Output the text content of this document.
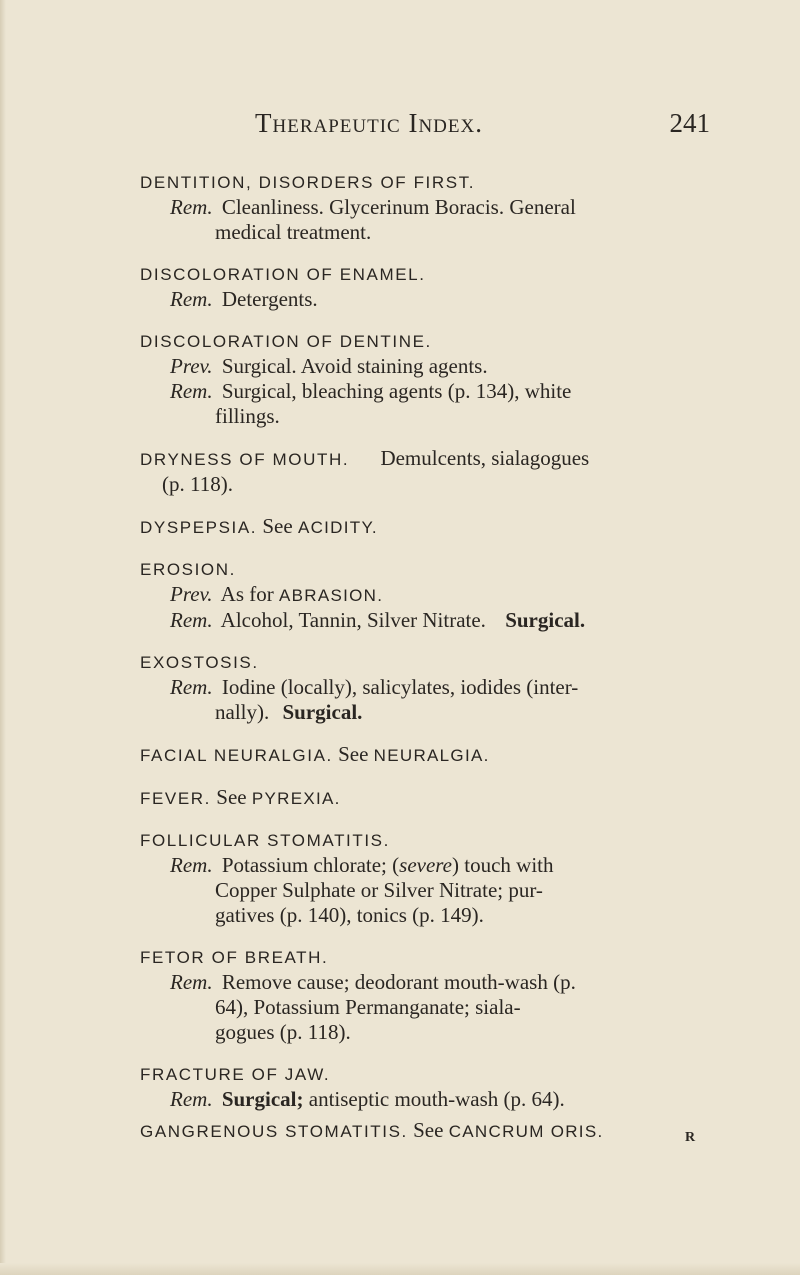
Therapeutic Index.	241
DENTITION, DISORDERS OF FIRST.
Rem. Cleanliness. Glycerinum Boracis. General
medical treatment.
DISCOLORATION OF ENAMEL.
Rem. Detergents.
DISCOLORATION OF DENTINE.
Prev. Surgical. Avoid staining agents.
Rem. Surgical, bleaching agents (p. 134), white
fillings.
DRYNESS OF MOUTH. Demulcents, sialagogues
(p. 118).
DYSPEPSIA. See ACIDITY.
EROSION.
Prev. As for ABRASION.
Rem. Alcohol, Tannin, Silver Nitrate. Surgical.
EXOSTOSIS.
Rem. Iodine (locally), salicylates, iodides (inter-
nally). Surgical.
FACIAL NEURALGIA. See NEURALGIA.
FEVER. See PYREXIA.
FOLLICULAR STOMATITIS.
Rem. Potassium chlorate; (severe) touch with
Copper Sulphate or Silver Nitrate; pur-
gatives (p. 140), tonics (p. 149).
FETOR OF BREATH.
Rem. Remove cause; deodorant mouth-wash (p.
64), Potassium Permanganate; siala-
gogues (p. 118).
FRACTURE OF JAW.
Rem. Surgical; antiseptic mouth-wash (p. 64).
GANGRENOUS STOMATITIS. See CANCRUM ORIS.	R
